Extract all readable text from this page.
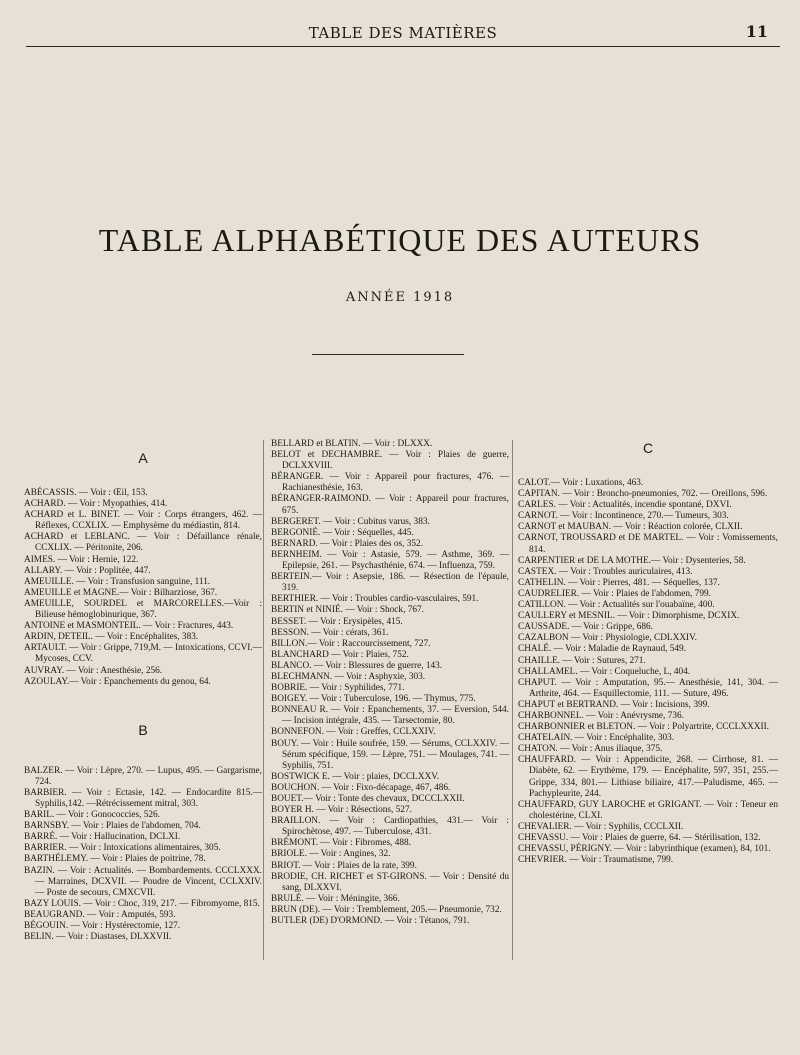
TABLE DES MATIÈRES	11
TABLE ALPHABÉTIQUE DES AUTEURS
ANNÉE 1918
A
ABÉCASSIS. — Voir : Œil, 153.
ACHARD. — Voir : Myopathies, 414.
ACHARD et L. BINET. — Voir : Corps étrangers, 462. — Réflexes, CCXLIX. — Emphysème du médiastin, 814.
ACHARD et LEBLANC. — Voir : Défaillance rénale, CCXLIX. — Péritonite, 206.
AIMES. — Voir : Hernie, 122.
ALLARY. — Voir : Poplitée, 447.
AMEUILLE. — Voir : Transfusion sanguine, 111.
AMEUILLE et MAGNE.— Voir : Bilharziose, 367.
AMEUILLE, SOURDEL et MARCORELLES.—Voir : Bilieuse hémoglobinurique, 367.
ANTOINE et MASMONTEIL. — Voir : Fractures, 443.
ARDIN, DETEIL. — Voir : Encéphalites, 383.
ARTAULT. — Voir : Grippe, 719,M. — Intoxications, CCVI.— Mycoses, CCV.
AUVRAY. — Voir : Anesthésie, 256.
AZOULAY.— Voir : Epanchements du genou, 64.
B
BALZER. — Voir : Lèpre, 270. — Lupus, 495. — Gargarisme, 724.
BARBIER. — Voir : Ectasie, 142. — Endocardite 815.—Syphilis,142. —Rétrécissement mitral, 303.
BARIL. — Voir : Gonococcies, 526.
BARNSBY. — Voir : Plaies de l'abdomen, 704.
BARRÉ. — Voir : Hallucination, DCLXI.
BARRIER. — Voir : Intoxications alimentaires, 305.
BARTHÉLEMY. — Voir : Plaies de poitrine, 78.
BAZIN. — Voir : Actualités. — Bombardements. CCCLXXX. — Marraines, DCXVII. — Poudre de Vincent, CCLXXIV. — Poste de secours, CMXCVII.
BAZY LOUIS. — Voir : Choc, 319, 217. — Fibromyome, 815.
BEAUGRAND. — Voir : Amputés, 593.
BÉGOUIN. — Voir : Hystérectomie, 127.
BELIN. — Voir : Diastases, DLXXVII.
BELLARD et BLATIN. — Voir : DLXXX.
BELOT et DECHAMBRE. — Voir : Plaies de guerre, DCLXXVIII.
BÉRANGER. — Voir : Appareil pour fractures, 476. — Rachianesthésie, 163.
BÉRANGER-RAIMOND. — Voir : Appareil pour fractures, 675.
BERGERET. — Voir : Cubitus varus, 383.
BERGONIÉ. — Voir : Séquelles, 445.
BERNARD. — Voir : Plaies des os, 352.
BERNHEIM. — Voir : Astasie, 579. — Asthme, 369. — Epilepsie, 261. — Psychasthénie, 674. — Influenza, 759.
BERTEIN.— Voir : Asepsie, 186. — Résection de l'épaule, 319.
BERTHIER. — Voir : Troubles cardio-vasculaires, 591.
BERTIN et NINIÉ. — Voir : Shock, 767.
BESSET. — Voir : Erysipèles, 415.
BESSON. — Voir : cérats, 361.
BILLON.— Voir : Raccourcissement, 727.
BLANCHARD — Voir : Plaies, 752.
BLANCO. — Voir : Blessures de guerre, 143.
BLECHMANN. — Voir : Asphyxie, 303.
BOBRIE. — Voir : Syphilides, 771.
BOIGEY. — Voir : Tuberculose, 196. — Thymus, 775.
BONNEAU R. — Voir : Epanchements, 37. — Eversion, 544. — Incision intégrale, 435. — Tarsectomie, 80.
BONNEFON. — Voir : Greffes, CCLXXIV.
BOUY. — Voir : Huile soufrée, 159. — Sérums, CCLXXIV. — Sérum spécifique, 159. — Lèpre, 751. — Moulages, 741. — Syphilis, 751.
BOSTWICK E. — Voir : plaies, DCCLXXV.
BOUCHON. — Voir : Fixo-décapage, 467, 486.
BOUET.— Voir : Tonte des chevaux, DCCCLXXII.
BOYER H. — Voir : Résections, 527.
BRAILLON. — Voir : Cardiopathies, 431.— Voir : Spirochètose, 497. — Tuberculose, 431.
BRÉMONT. — Voir : Fibromes, 488.
BRIOLE. — Voir : Angines, 32.
BRIOT. — Voir : Plaies de la rate, 399.
BRODIE, CH. RICHET et ST-GIRONS. — Voir : Densité du sang, DLXXVI.
BRULÉ. — Voir : Méningite, 366.
BRUN (DE). — Voir : Tremblement, 205.— Pneumonie, 732.
BUTLER (DE) D'ORMOND. — Voir : Tétanos, 791.
C
CALOT.— Voir : Luxations, 463.
CAPITAN. — Voir : Broncho-pneumonies, 702. — Oreillons, 596.
CARLES. — Voir : Actualités, incendie spontané, DXVI.
CARNOT. — Voir : Incontinence, 270.— Tumeurs, 303.
CARNOT et MAUBAN. — Voir : Réaction colorée, CLXII.
CARNOT, TROUSSARD et DE MARTEL. — Voir : Vomissements, 814.
CARPENTIER et DE LA MOTHE.— Voir : Dysenteries, 58.
CASTEX. — Voir : Troubles auriculaires, 413.
CATHELIN. — Voir : Pierres, 481. — Séquelles, 137.
CAUDRELIER. — Voir : Plaies de l'abdomen, 799.
CATILLON. — Voir : Actualités sur l'ouabaïne, 400.
CAULLERY et MESNIL. — Voir : Dimorphisme, DCXIX.
CAUSSADE. — Voir : Grippe, 686.
CAZALBON — Voir : Physiologie, CDLXXIV.
CHALÉ. — Voir : Maladie de Raynaud, 549.
CHAILLE. — Voir : Sutures, 271.
CHALLAMEL. — Voir : Coqueluche, L, 404.
CHAPUT. — Voir : Amputation, 95.— Anesthésie, 141, 304. — Arthrite, 464. — Esquillectomie, 111. — Suture, 496.
CHAPUT et BERTRAND. — Voir : Incisions, 399.
CHARBONNEL. — Voir : Anévrysme, 736.
CHARBONNIER et BLETON. — Voir : Polyartrite, CCCLXXXII.
CHATELAIN. — Voir : Encéphalite, 303.
CHATON. — Voir : Anus iliaque, 375.
CHAUFFARD. — Voir : Appendicite, 268. — Cirrhose, 81. — Diabète, 62. — Erythème, 179. — Encéphalite, 597, 351, 255.— Grippe, 334, 801.— Lithiase biliaire, 417.—Paludisme, 465. — Pachypleurite, 244.
CHAUFFARD, GUY LAROCHE et GRIGANT. — Voir : Teneur en cholestérine, CLXI.
CHEVALIER. — Voir : Syphilis, CCCLXII.
CHEVASSU. — Voir : Plaies de guerre, 64. — Stérilisation, 132.
CHEVASSU, PÉRIGNY. — Voir : labyrinthique (examen), 84, 101.
CHEVRIER. — Voir : Traumatisme, 799.
